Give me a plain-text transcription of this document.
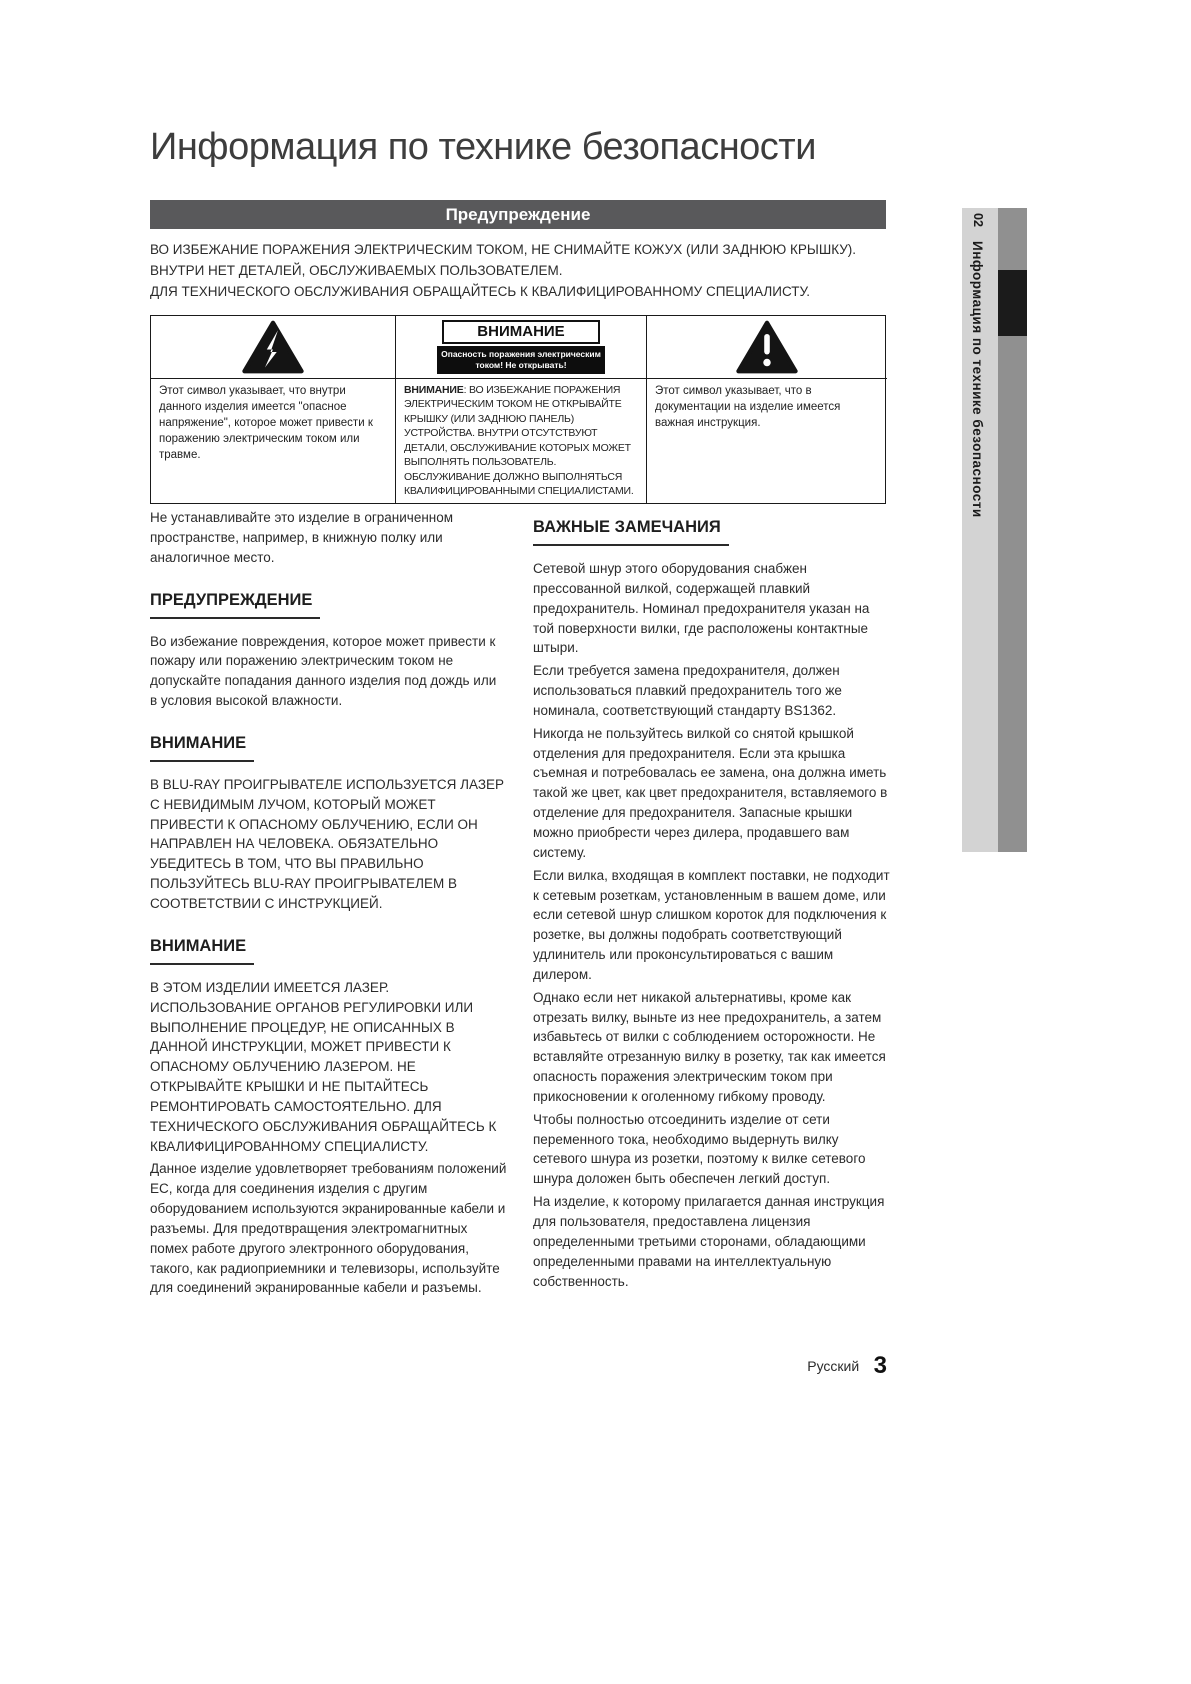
Информация по технике безопасности
Предупреждение
ВО ИЗБЕЖАНИЕ ПОРАЖЕНИЯ ЭЛЕКТРИЧЕСКИМ ТОКОМ, НЕ СНИМАЙТЕ КОЖУХ (ИЛИ ЗАДНЮЮ КРЫШКУ).
ВНУТРИ НЕТ ДЕТАЛЕЙ, ОБСЛУЖИВАЕМЫХ ПОЛЬЗОВАТЕЛЕМ.
ДЛЯ ТЕХНИЧЕСКОГО ОБСЛУЖИВАНИЯ ОБРАЩАЙТЕСЬ К КВАЛИФИЦИРОВАННОМУ СПЕЦИАЛИСТУ.
ВНИМАНИЕ
Опасность поражения электрическим током! Не открывать!
Этот символ указывает, что внутри данного изделия имеется "опасное напряжение", которое может привести к поражению электрическим током или травме.
ВНИМАНИЕ: ВО ИЗБЕЖАНИЕ ПОРАЖЕНИЯ ЭЛЕКТРИЧЕСКИМ ТОКОМ НЕ ОТКРЫВАЙТЕ КРЫШКУ (ИЛИ ЗАДНЮЮ ПАНЕЛЬ) УСТРОЙСТВА. ВНУТРИ ОТСУТСТВУЮТ ДЕТАЛИ, ОБСЛУЖИВАНИЕ КОТОРЫХ МОЖЕТ ВЫПОЛНЯТЬ ПОЛЬЗОВАТЕЛЬ. ОБСЛУЖИВАНИЕ ДОЛЖНО ВЫПОЛНЯТЬСЯ КВАЛИФИЦИРОВАННЫМИ СПЕЦИАЛИСТАМИ.
Этот символ указывает, что в документации на изделие имеется важная инструкция.

Не устанавливайте это изделие в ограниченном пространстве, например, в книжную полку или аналогичное место.

ПРЕДУПРЕЖДЕНИЕ

Во избежание повреждения, которое может привести к пожару или поражению электрическим током не допускайте попадания данного изделия под дождь или в условия высокой влажности.

ВНИМАНИЕ

В BLU-RAY ПРОИГРЫВАТЕЛЕ ИСПОЛЬЗУЕТСЯ ЛАЗЕР С НЕВИДИМЫМ ЛУЧОМ, КОТОРЫЙ МОЖЕТ ПРИВЕСТИ К ОПАСНОМУ ОБЛУЧЕНИЮ, ЕСЛИ ОН НАПРАВЛЕН НА ЧЕЛОВЕКА. ОБЯЗАТЕЛЬНО УБЕДИТЕСЬ В ТОМ, ЧТО ВЫ ПРАВИЛЬНО ПОЛЬЗУЙТЕСЬ BLU-RAY ПРОИГРЫВАТЕЛЕМ В СООТВЕТСТВИИ С ИНСТРУКЦИЕЙ.

ВНИМАНИЕ

В ЭТОМ ИЗДЕЛИИ ИМЕЕТСЯ ЛАЗЕР. ИСПОЛЬЗОВАНИЕ ОРГАНОВ РЕГУЛИРОВКИ ИЛИ ВЫПОЛНЕНИЕ ПРОЦЕДУР, НЕ ОПИСАННЫХ В ДАННОЙ ИНСТРУКЦИИ, МОЖЕТ ПРИВЕСТИ К ОПАСНОМУ ОБЛУЧЕНИЮ ЛАЗЕРОМ. НЕ ОТКРЫВАЙТЕ КРЫШКИ И НЕ ПЫТАЙТЕСЬ РЕМОНТИРОВАТЬ САМОСТОЯТЕЛЬНО. ДЛЯ ТЕХНИЧЕСКОГО ОБСЛУЖИВАНИЯ ОБРАЩАЙТЕСЬ К КВАЛИФИЦИРОВАННОМУ СПЕЦИАЛИСТУ.

Данное изделие удовлетворяет требованиям положений ЕС, когда для соединения изделия с другим оборудованием используются экранированные кабели и разъемы. Для предотвращения электромагнитных помех работе другого электронного оборудования, такого, как радиоприемники и телевизоры, используйте для соединений экранированные кабели и разъемы.

ВАЖНЫЕ ЗАМЕЧАНИЯ

Сетевой шнур этого оборудования снабжен прессованной вилкой, содержащей плавкий предохранитель. Номинал предохранителя указан на той поверхности вилки, где расположены контактные штыри.

Если требуется замена предохранителя, должен использоваться плавкий предохранитель того же номинала, соответствующий стандарту BS1362.

Никогда не пользуйтесь вилкой со снятой крышкой отделения для предохранителя. Если эта крышка съемная и потребовалась ее замена, она должна иметь такой же цвет, как цвет предохранителя, вставляемого в отделение для предохранителя. Запасные крышки можно приобрести через дилера, продавшего вам систему.

Если вилка, входящая в комплект поставки, не подходит к сетевым розеткам, установленным в вашем доме, или если сетевой шнур слишком короток для подключения к розетке, вы должны подобрать соответствующий удлинитель или проконсультироваться с вашим дилером.

Однако если нет никакой альтернативы, кроме как отрезать вилку, выньте из нее предохранитель, а затем избавьтесь от вилки с соблюдением осторожности. Не вставляйте отрезанную вилку в розетку, так как имеется опасность поражения электрическим током при прикосновении к оголенному гибкому проводу.

Чтобы полностью отсоединить изделие от сети переменного тока, необходимо выдернуть вилку сетевого шнура из розетки, поэтому к вилке сетевого шнура доложен быть обеспечен легкий доступ.

На изделие, к которому прилагается данная инструкция для пользователя, предоставлена лицензия определенными третьими сторонами, обладающими определенными правами на интеллектуальную собственность.

02
Информация по технике безопасности
Русский 3
